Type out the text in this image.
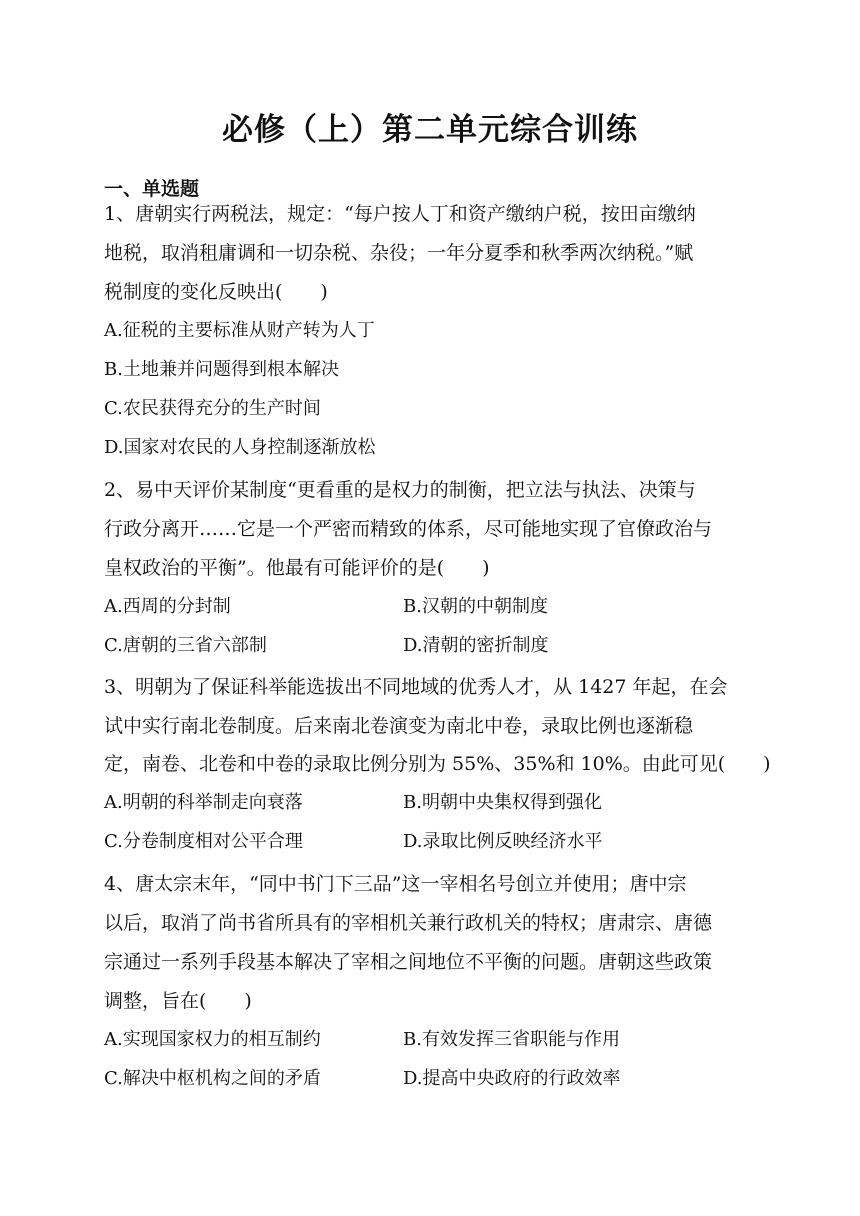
必修（上）第二单元综合训练
一、单选题
1、唐朝实行两税法，规定：“每户按人丁和资产缴纳户税，按田亩缴纳
地税，取消租庸调和一切杂税、杂役；一年分夏季和秋季两次纳税。”赋
税制度的变化反映出(　　)
A.征税的主要标准从财产转为人丁
B.土地兼并问题得到根本解决
C.农民获得充分的生产时间
D.国家对农民的人身控制逐渐放松
2、易中天评价某制度“更看重的是权力的制衡，把立法与执法、决策与
行政分离开……它是一个严密而精致的体系，尽可能地实现了官僚政治与
皇权政治的平衡”。他最有可能评价的是(　　)
A.西周的分封制	B.汉朝的中朝制度
C.唐朝的三省六部制	D.清朝的密折制度
3、明朝为了保证科举能选拔出不同地域的优秀人才，从 1427 年起，在会
试中实行南北卷制度。后来南北卷演变为南北中卷，录取比例也逐渐稳
定，南卷、北卷和中卷的录取比例分别为 55%、35%和 10%。由此可见(　　)
A.明朝的科举制走向衰落	B.明朝中央集权得到强化
C.分卷制度相对公平合理	D.录取比例反映经济水平
4、唐太宗末年，“同中书门下三品”这一宰相名号创立并使用；唐中宗
以后，取消了尚书省所具有的宰相机关兼行政机关的特权；唐肃宗、唐德
宗通过一系列手段基本解决了宰相之间地位不平衡的问题。唐朝这些政策
调整，旨在(　　)
A.实现国家权力的相互制约	B.有效发挥三省职能与作用
C.解决中枢机构之间的矛盾	D.提高中央政府的行政效率
